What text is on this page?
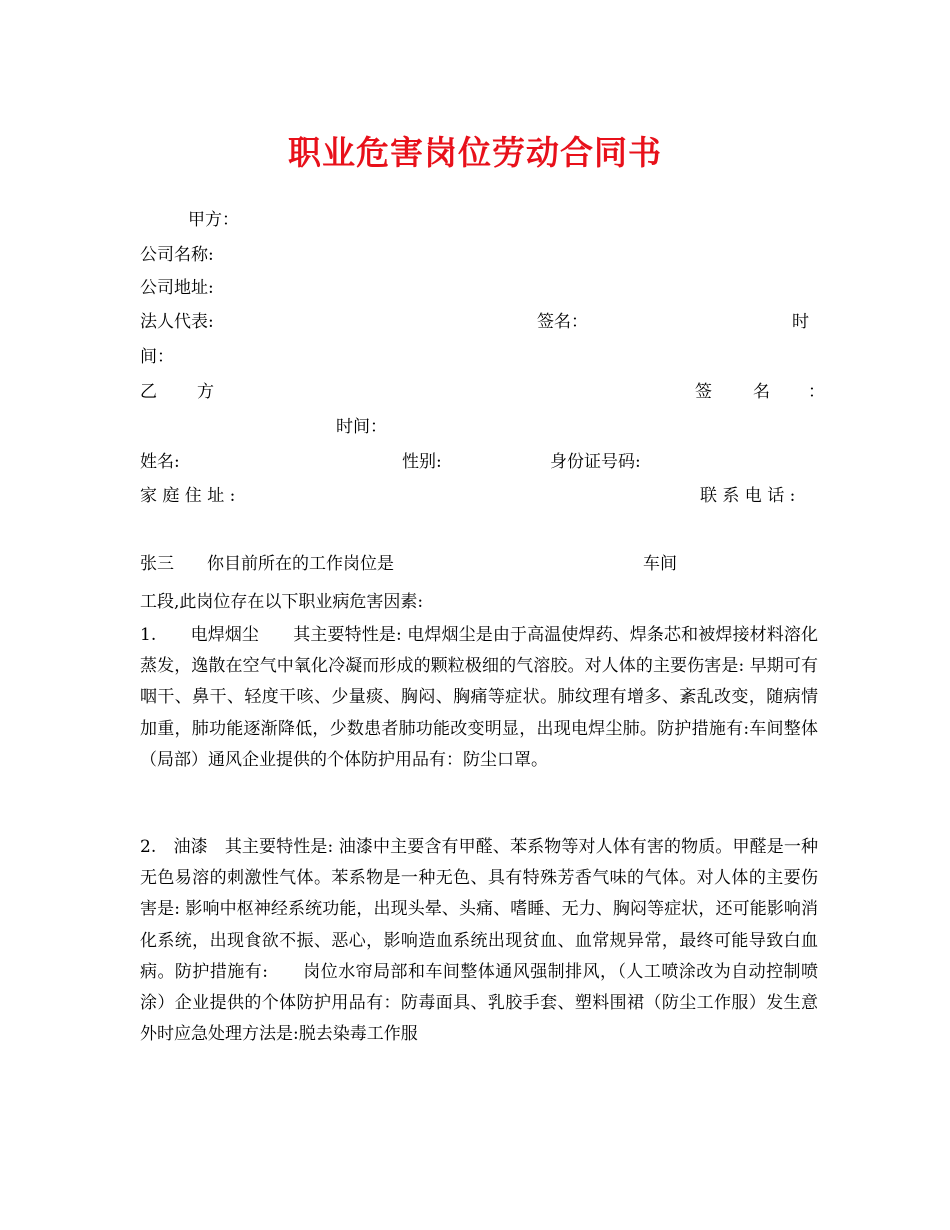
职业危害岗位劳动合同书
甲方：
公司名称:
公司地址:
法人代表:	签名：	时
间：
乙 方	签 名 ：
时间：
姓名:	性别:	身份证号码:
家 庭 住 址 :	联 系 电 话 :
张三 你目前所在的工作岗位是	车间
工段,此岗位存在以下职业病危害因素:
1.　　电焊烟尘　　其主要特性是: 电焊烟尘是由于高温使焊药、焊条芯和被焊接材料溶化蒸发，逸散在空气中氧化冷凝而形成的颗粒极细的气溶胶。对人体的主要伤害是: 早期可有咽干、鼻干、轻度干咳、少量痰、胸闷、胸痛等症状。肺纹理有增多、紊乱改变，随病情加重，肺功能逐渐降低，少数患者肺功能改变明显，出现电焊尘肺。防护措施有:车间整体（局部）通风企业提供的个体防护用品有：防尘口罩。
2.　油漆　其主要特性是: 油漆中主要含有甲醛、苯系物等对人体有害的物质。甲醛是一种无色易溶的刺激性气体。苯系物是一种无色、具有特殊芳香气味的气体。对人体的主要伤害是: 影响中枢神经系统功能，出现头晕、头痛、嗜睡、无力、胸闷等症状，还可能影响消化系统，出现食欲不振、恶心，影响造血系统出现贫血、血常规异常，最终可能导致白血病。防护措施有:　　岗位水帘局部和车间整体通风强制排风，（人工喷涂改为自动控制喷涂）企业提供的个体防护用品有：防毒面具、乳胶手套、塑料围裙（防尘工作服）发生意外时应急处理方法是:脱去染毒工作服
